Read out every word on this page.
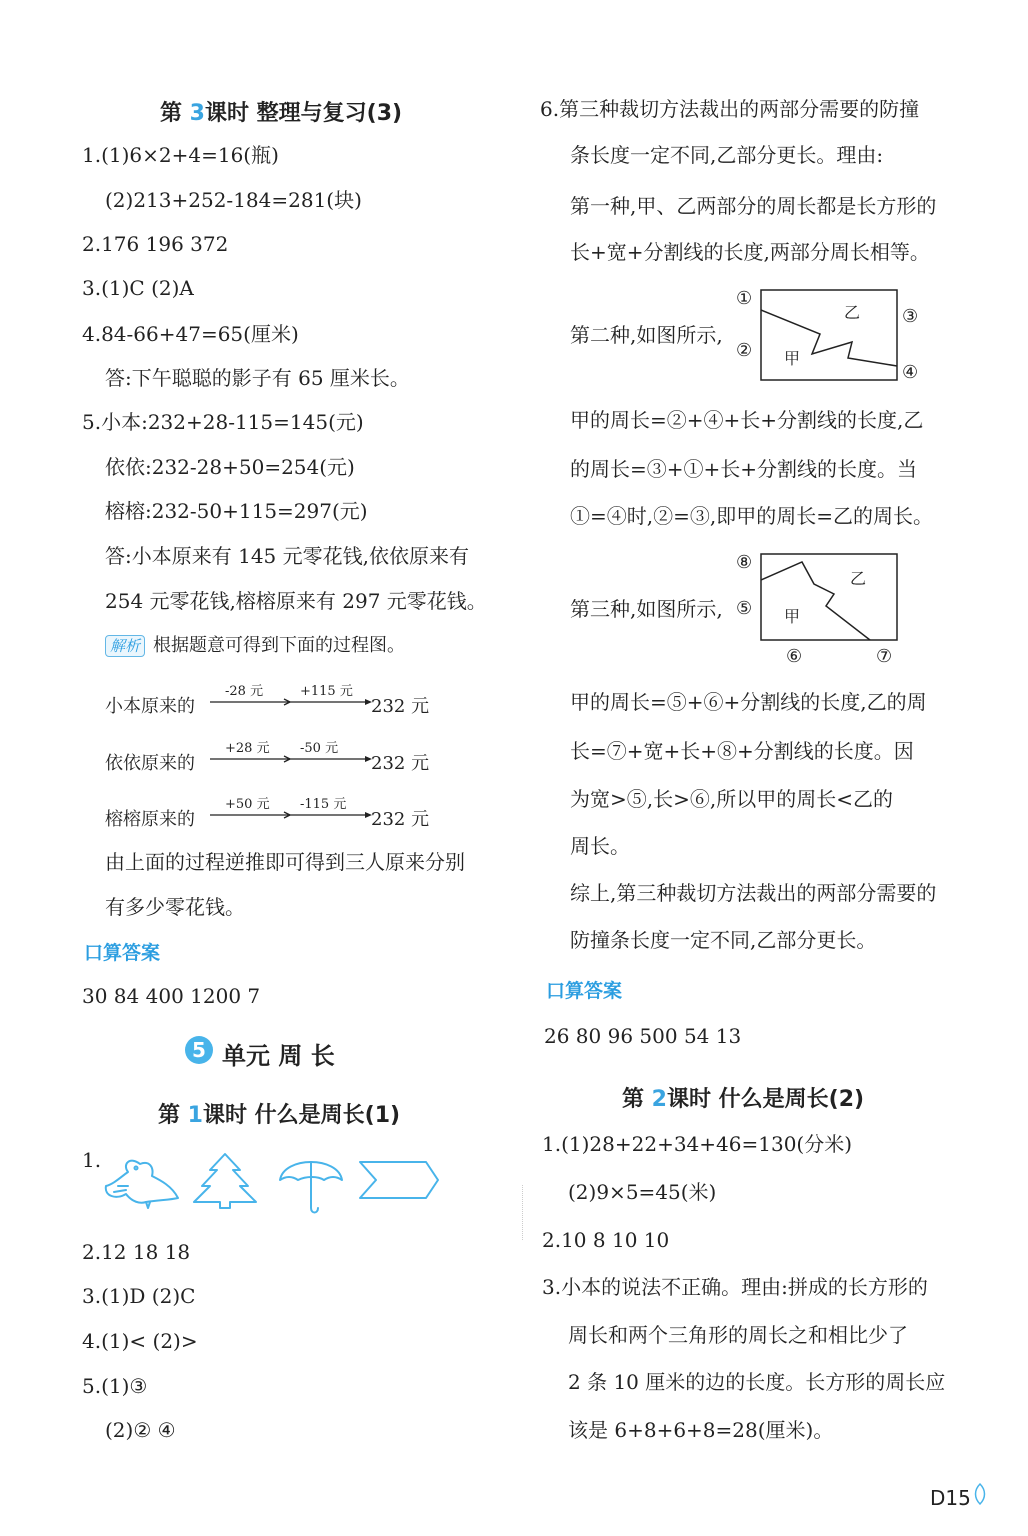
第 3课时 整理与复习(3)
1.(1)6×2+4=16(瓶)
(2)213+252-184=281(块)
2.176 196 372
3.(1)C (2)A
4.84-66+47=65(厘米)
答:下午聪聪的影子有 65 厘米长。
5.小本:232+28-115=145(元)
依依:232-28+50=254(元)
榕榕:232-50+115=297(元)
答:小本原来有 145 元零花钱,依依原来有
254 元零花钱,榕榕原来有 297 元零花钱。
解析 根据题意可得到下面的过程图。
小本原来的
-28 元	+115 元
232 元
依依原来的
+28 元 -50 元
232 元
榕榕原来的
+50 元 -115 元
232 元
由上面的过程逆推即可得到三人原来分别
有多少零花钱。
口算答案
30 84 400 1200 7
5 单元 周 长
第 1课时 什么是周长(1)
1.
2.12 18 18
3.(1)D (2)C
4.(1)< (2)>
5.(1)③
(2)② ④
6.第三种裁切方法裁出的两部分需要的防撞
条长度一定不同,乙部分更长。理由:
第一种,甲、乙两部分的周长都是长方形的
长+宽+分割线的长度,两部分周长相等。
第二种,如图所示,
①
②
③
④
甲
乙
甲的周长=②+④+长+分割线的长度,乙
的周长=③+①+长+分割线的长度。当
①=④时,②=③,即甲的周长=乙的周长。
第三种,如图所示,
⑧
⑤
⑥	⑦
甲
乙
甲的周长=⑤+⑥+分割线的长度,乙的周
长=⑦+宽+长+⑧+分割线的长度。因
为宽>⑤,长>⑥,所以甲的周长<乙的
周长。
综上,第三种裁切方法裁出的两部分需要的
防撞条长度一定不同,乙部分更长。
口算答案
26 80 96 500 54 13
第 2课时 什么是周长(2)
1.(1)28+22+34+46=130(分米)
(2)9×5=45(米)
2.10 8 10 10
3.小本的说法不正确。理由:拼成的长方形的
周长和两个三角形的周长之和相比少了
2 条 10 厘米的边的长度。长方形的周长应
该是 6+8+6+8=28(厘米)。
D15
